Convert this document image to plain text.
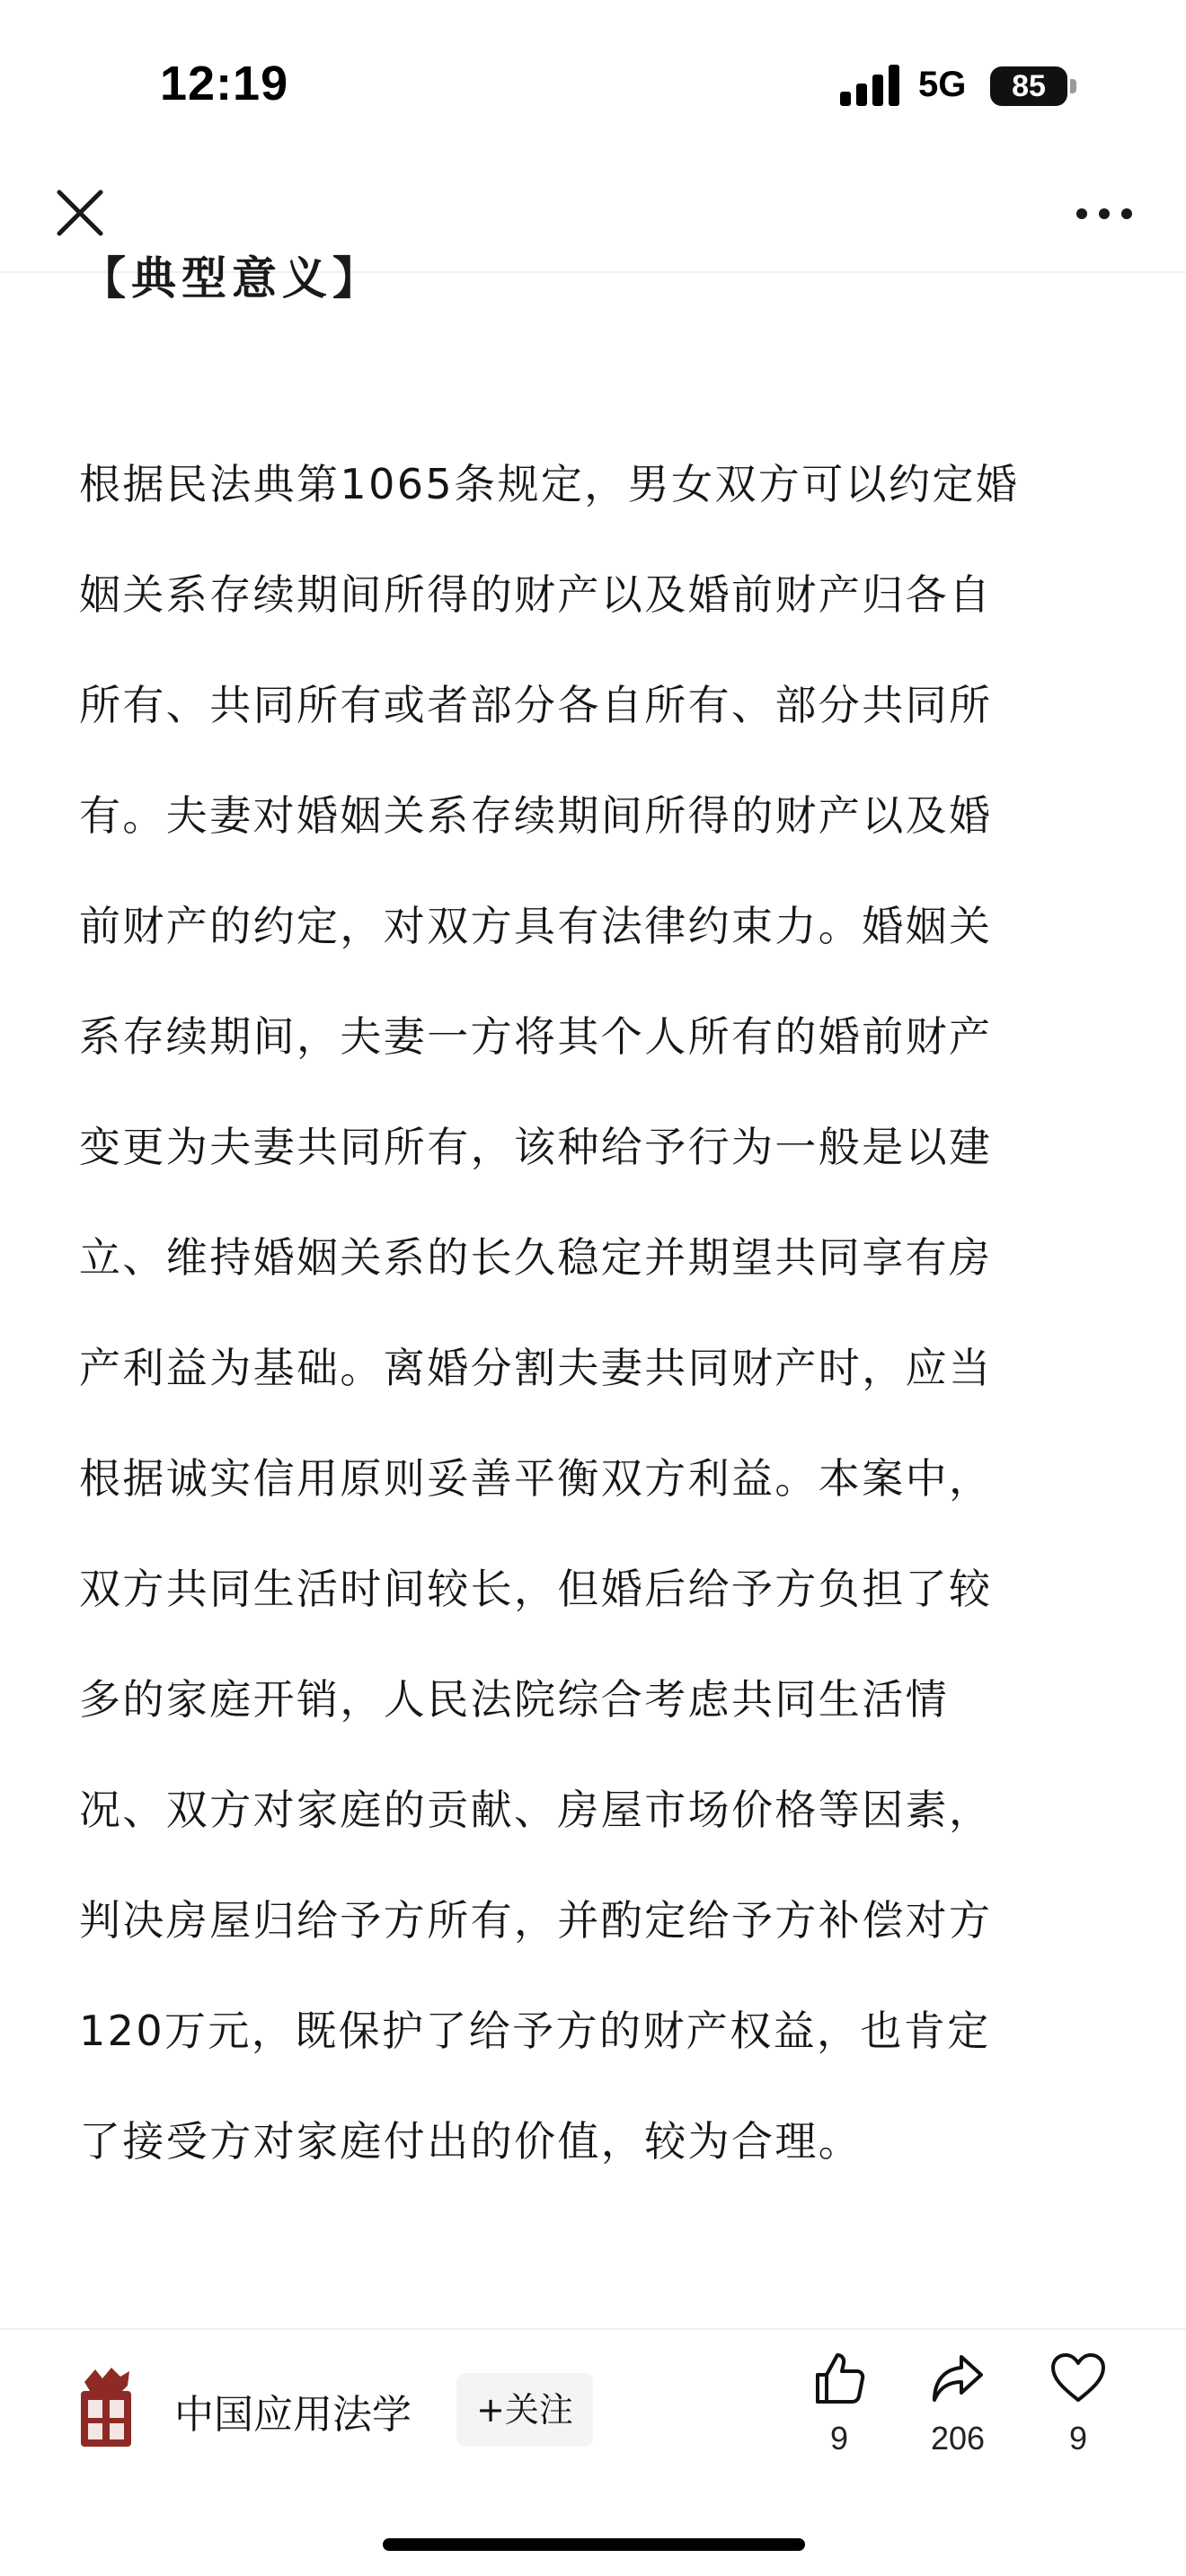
12:19	5G	85
【典型意义】
根据民法典第1065条规定，男女双方可以约定婚
姻关系存续期间所得的财产以及婚前财产归各自
所有、共同所有或者部分各自所有、部分共同所
有。夫妻对婚姻关系存续期间所得的财产以及婚
前财产的约定，对双方具有法律约束力。婚姻关
系存续期间，夫妻一方将其个人所有的婚前财产
变更为夫妻共同所有，该种给予行为一般是以建
立、维持婚姻关系的长久稳定并期望共同享有房
产利益为基础。离婚分割夫妻共同财产时，应当
根据诚实信用原则妥善平衡双方利益。本案中，
双方共同生活时间较长，但婚后给予方负担了较
多的家庭开销，人民法院综合考虑共同生活情
况、双方对家庭的贡献、房屋市场价格等因素，
判决房屋归给予方所有，并酌定给予方补偿对方
120万元，既保护了给予方的财产权益，也肯定
了接受方对家庭付出的价值，较为合理。
中国应用法学	+关注
9	206	9
